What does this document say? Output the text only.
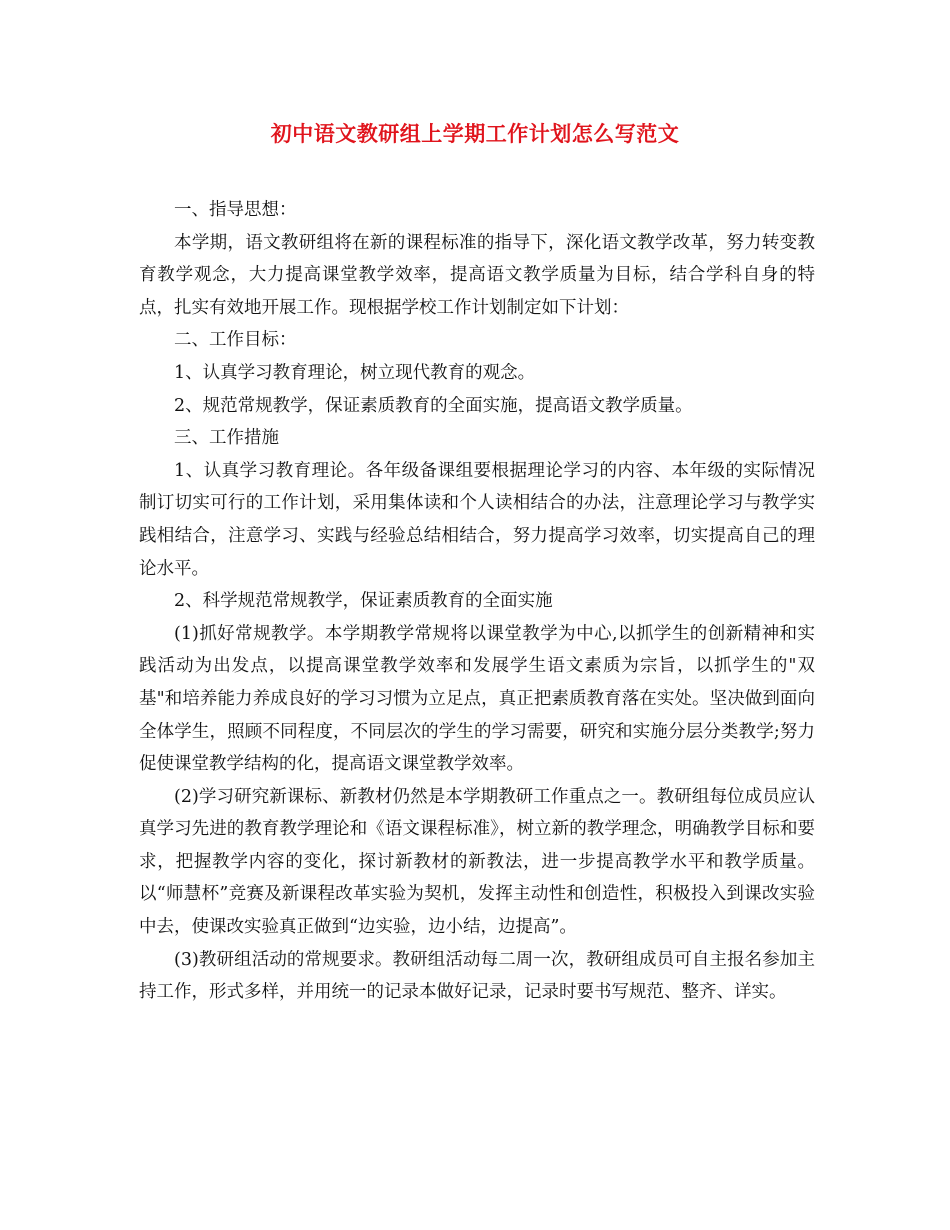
初中语文教研组上学期工作计划怎么写范文

一、指导思想：

本学期，语文教研组将在新的课程标准的指导下，深化语文教学改革，努力转变教育教学观念，大力提高课堂教学效率，提高语文教学质量为目标，结合学科自身的特点，扎实有效地开展工作。现根据学校工作计划制定如下计划：

二、工作目标：

1、认真学习教育理论，树立现代教育的观念。

2、规范常规教学，保证素质教育的全面实施，提高语文教学质量。

三、工作措施

1、认真学习教育理论。各年级备课组要根据理论学习的内容、本年级的实际情况制订切实可行的工作计划，采用集体读和个人读相结合的办法，注意理论学习与教学实践相结合，注意学习、实践与经验总结相结合，努力提高学习效率，切实提高自己的理论水平。

2、科学规范常规教学，保证素质教育的全面实施

(1)抓好常规教学。本学期教学常规将以课堂教学为中心,以抓学生的创新精神和实践活动为出发点，以提高课堂教学效率和发展学生语文素质为宗旨，以抓学生的"双基"和培养能力养成良好的学习习惯为立足点，真正把素质教育落在实处。坚决做到面向全体学生，照顾不同程度，不同层次的学生的学习需要，研究和实施分层分类教学;努力促使课堂教学结构的化，提高语文课堂教学效率。

(2)学习研究新课标、新教材仍然是本学期教研工作重点之一。教研组每位成员应认真学习先进的教育教学理论和《语文课程标准》，树立新的教学理念，明确教学目标和要求，把握教学内容的变化，探讨新教材的新教法，进一步提高教学水平和教学质量。以“师慧杯”竞赛及新课程改革实验为契机，发挥主动性和创造性，积极投入到课改实验中去，使课改实验真正做到“边实验，边小结，边提高”。

(3)教研组活动的常规要求。教研组活动每二周一次，教研组成员可自主报名参加主持工作，形式多样，并用统一的记录本做好记录，记录时要书写规范、整齐、详实。
